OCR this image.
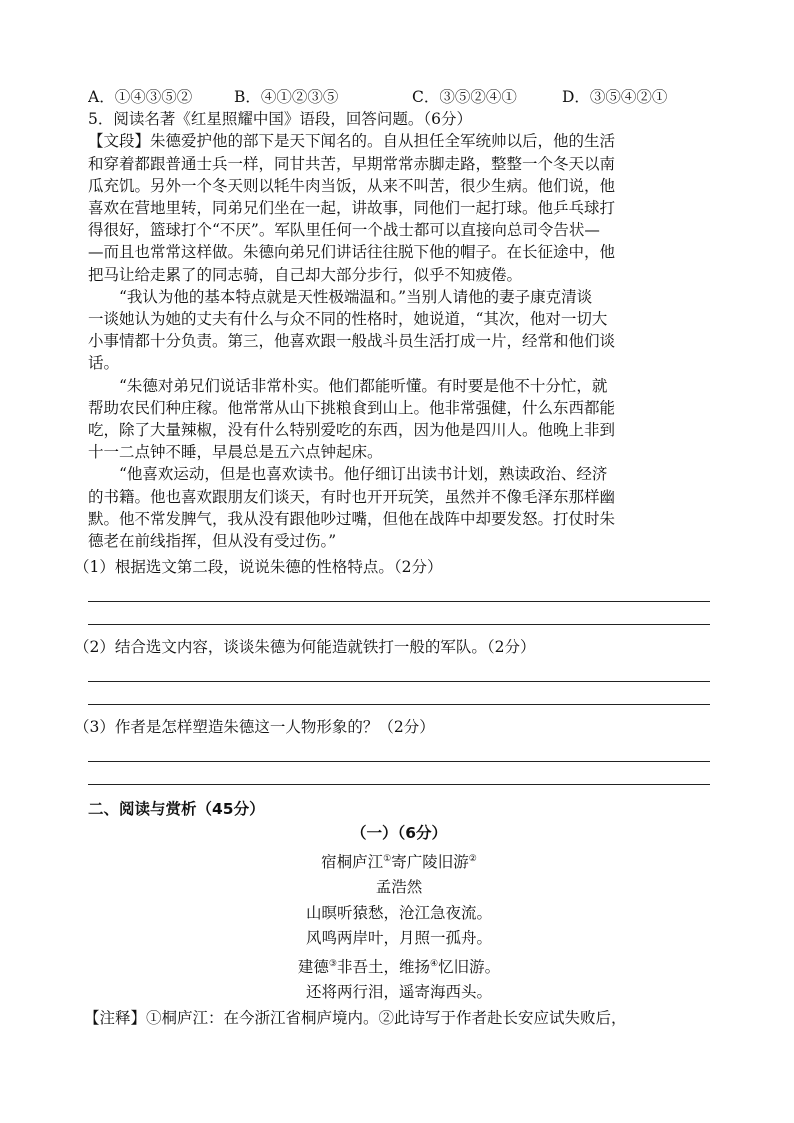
A．①④③⑤②	B．④①②③⑤	C．③⑤②④①	D．③⑤④②①
5．阅读名著《红星照耀中国》语段，回答问题。（6分）
【文段】朱德爱护他的部下是天下闻名的。自从担任全军统帅以后，他的生活
和穿着都跟普通士兵一样，同甘共苦，早期常常赤脚走路，整整一个冬天以南
瓜充饥。另外一个冬天则以牦牛肉当饭，从来不叫苦，很少生病。他们说，他
喜欢在营地里转，同弟兄们坐在一起，讲故事，同他们一起打球。他乒乓球打
得很好，篮球打个“不厌”。军队里任何一个战士都可以直接向总司令告状—
—而且也常常这样做。朱德向弟兄们讲话往往脱下他的帽子。在长征途中，他
把马让给走累了的同志骑，自己却大部分步行，似乎不知疲倦。
“我认为他的基本特点就是天性极端温和。”当别人请他的妻子康克清谈
一谈她认为她的丈夫有什么与众不同的性格时，她说道，“其次，他对一切大
小事情都十分负责。第三，他喜欢跟一般战斗员生活打成一片，经常和他们谈
话。
“朱德对弟兄们说话非常朴实。他们都能听懂。有时要是他不十分忙，就
帮助农民们种庄稼。他常常从山下挑粮食到山上。他非常强健，什么东西都能
吃，除了大量辣椒，没有什么特别爱吃的东西，因为他是四川人。他晚上非到
十一二点钟不睡，早晨总是五六点钟起床。
“他喜欢运动，但是也喜欢读书。他仔细订出读书计划，熟读政治、经济
的书籍。他也喜欢跟朋友们谈天，有时也开开玩笑，虽然并不像毛泽东那样幽
默。他不常发脾气，我从没有跟他吵过嘴，但他在战阵中却要发怒。打仗时朱
德老在前线指挥，但从没有受过伤。”
（1）根据选文第二段，说说朱德的性格特点。（2分）
（2）结合选文内容，谈谈朱德为何能造就铁打一般的军队。（2分）
（3）作者是怎样塑造朱德这一人物形象的？（2分）
二、阅读与赏析（45分）
（一）（6分）
宿桐庐江①寄广陵旧游②
孟浩然
山暝听猿愁，沧江急夜流。
风鸣两岸叶，月照一孤舟。
建德③非吾土，维扬④忆旧游。
还将两行泪，遥寄海西头。
【注释】①桐庐江：在今浙江省桐庐境内。②此诗写于作者赴长安应试失败后，
